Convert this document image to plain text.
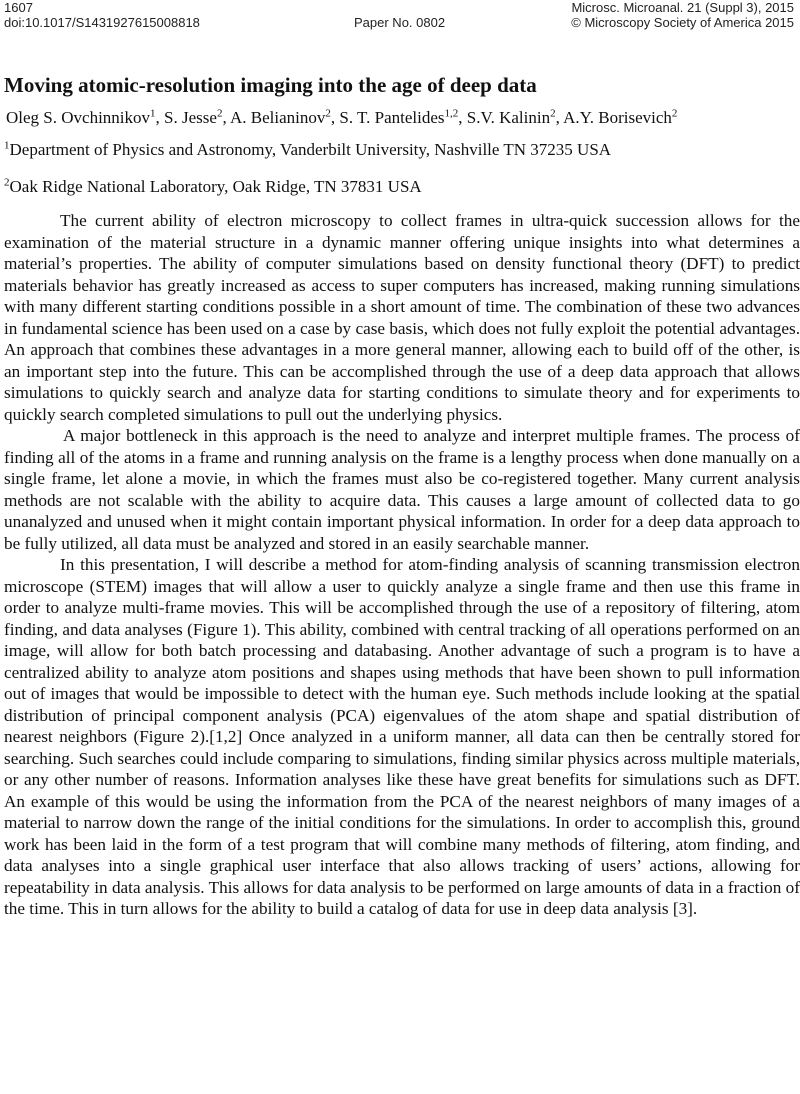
1607
doi:10.1017/S1431927615008818	Paper No. 0802
Microsc. Microanal. 21 (Suppl 3), 2015
© Microscopy Society of America 2015
Moving atomic-resolution imaging into the age of deep data
Oleg S. Ovchinnikov$^1$, S. Jesse$^2$, A. Belianinov$^2$, S. T. Pantelides$^{1,2}$, S.V. Kalinin$^2$, A.Y. Borisevich$^2$
$^1$Department of Physics and Astronomy, Vanderbilt University, Nashville TN 37235 USA
$^2$Oak Ridge National Laboratory, Oak Ridge, TN 37831 USA

The current ability of electron microscopy to collect frames in ultra-quick succession allows for the examination of the material structure in a dynamic manner offering unique insights into what determines a material’s properties. The ability of computer simulations based on density functional theory (DFT) to predict materials behavior has greatly increased as access to super computers has increased, making running simulations with many different starting conditions possible in a short amount of time. The combination of these two advances in fundamental science has been used on a case by case basis, which does not fully exploit the potential advantages. An approach that combines these advantages in a more general manner, allowing each to build off of the other, is an important step into the future. This can be accomplished through the use of a deep data approach that allows simulations to quickly search and analyze data for starting conditions to simulate theory and for experiments to quickly search completed simulations to pull out the underlying physics.

A major bottleneck in this approach is the need to analyze and interpret multiple frames. The process of finding all of the atoms in a frame and running analysis on the frame is a lengthy process when done manually on a single frame, let alone a movie, in which the frames must also be co-registered together. Many current analysis methods are not scalable with the ability to acquire data. This causes a large amount of collected data to go unanalyzed and unused when it might contain important physical information. In order for a deep data approach to be fully utilized, all data must be analyzed and stored in an easily searchable manner.

In this presentation, I will describe a method for atom-finding analysis of scanning transmission electron microscope (STEM) images that will allow a user to quickly analyze a single frame and then use this frame in order to analyze multi-frame movies. This will be accomplished through the use of a repository of filtering, atom finding, and data analyses (Figure 1). This ability, combined with central tracking of all operations performed on an image, will allow for both batch processing and databasing. Another advantage of such a program is to have a centralized ability to analyze atom positions and shapes using methods that have been shown to pull information out of images that would be impossible to detect with the human eye. Such methods include looking at the spatial distribution of principal component analysis (PCA) eigenvalues of the atom shape and spatial distribution of nearest neighbors (Figure 2).[1,2] Once analyzed in a uniform manner, all data can then be centrally stored for searching. Such searches could include comparing to simulations, finding similar physics across multiple materials, or any other number of reasons. Information analyses like these have great benefits for simulations such as DFT. An example of this would be using the information from the PCA of the nearest neighbors of many images of a material to narrow down the range of the initial conditions for the simulations. In order to accomplish this, ground work has been laid in the form of a test program that will combine many methods of filtering, atom finding, and data analyses into a single graphical user interface that also allows tracking of users’ actions, allowing for repeatability in data analysis. This allows for data analysis to be performed on large amounts of data in a fraction of the time. This in turn allows for the ability to build a catalog of data for use in deep data analysis [3].
